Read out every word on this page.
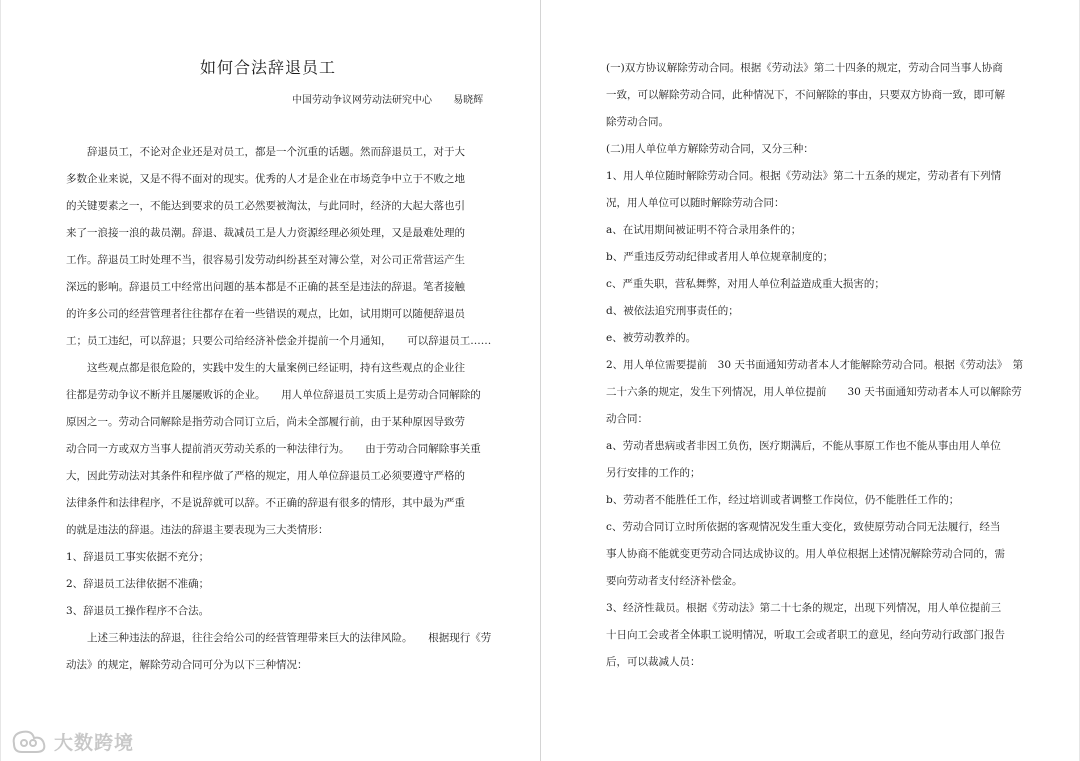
如何合法辞退员工
中国劳动争议网劳动法研究中心 易晓辉
辞退员工，不论对企业还是对员工，都是一个沉重的话题。然而辞退员工，对于大
多数企业来说，又是不得不面对的现实。优秀的人才是企业在市场竞争中立于不败之地
的关键要素之一，不能达到要求的员工必然要被淘汰，与此同时，经济的大起大落也引
来了一浪接一浪的裁员潮。辞退、裁减员工是人力资源经理必须处理，又是最难处理的
工作。辞退员工时处理不当，很容易引发劳动纠纷甚至对簿公堂，对公司正常营运产生
深远的影响。辞退员工中经常出问题的基本都是不正确的甚至是违法的辞退。笔者接触
的许多公司的经营管理者往往都存在着一些错误的观点，比如，试用期可以随便辞退员
工；员工违纪，可以辞退；只要公司给经济补偿金并提前一个月通知，　　可以辞退员工……
这些观点都是很危险的，实践中发生的大量案例已经证明，持有这些观点的企业往
往都是劳动争议不断并且屡屡败诉的企业。　　用人单位辞退员工实质上是劳动合同解除的
原因之一。劳动合同解除是指劳动合同订立后，尚未全部履行前，由于某种原因导致劳
动合同一方或双方当事人提前消灭劳动关系的一种法律行为。　　由于劳动合同解除事关重
大，因此劳动法对其条件和程序做了严格的规定，用人单位辞退员工必须要遵守严格的
法律条件和法律程序，不是说辞就可以辞。不正确的辞退有很多的情形，其中最为严重
的就是违法的辞退。违法的辞退主要表现为三大类情形：
1、辞退员工事实依据不充分；
2、辞退员工法律依据不准确；
3、辞退员工操作程序不合法。
上述三种违法的辞退，往往会给公司的经营管理带来巨大的法律风险。　　根据现行《劳
动法》的规定，解除劳动合同可分为以下三种情况：
(一)双方协议解除劳动合同。根据《劳动法》第二十四条的规定，劳动合同当事人协商
一致，可以解除劳动合同，此种情况下，不问解除的事由，只要双方协商一致，即可解
除劳动合同。
(二)用人单位单方解除劳动合同，又分三种：
1、用人单位随时解除劳动合同。根据《劳动法》第二十五条的规定，劳动者有下列情
况，用人单位可以随时解除劳动合同：
a、在试用期间被证明不符合录用条件的；
b、严重违反劳动纪律或者用人单位规章制度的；
c、严重失职，营私舞弊，对用人单位利益造成重大损害的；
d、被依法追究刑事责任的；
e、被劳动教养的。
2、用人单位需要提前　30 天书面通知劳动者本人才能解除劳动合同。根据《劳动法》　第
二十六条的规定，发生下列情况，用人单位提前　　30 天书面通知劳动者本人可以解除劳
动合同：
a、劳动者患病或者非因工负伤，医疗期满后，不能从事原工作也不能从事由用人单位
另行安排的工作的；
b、劳动者不能胜任工作，经过培训或者调整工作岗位，仍不能胜任工作的；
c、劳动合同订立时所依据的客观情况发生重大变化，致使原劳动合同无法履行，经当
事人协商不能就变更劳动合同达成协议的。用人单位根据上述情况解除劳动合同的，需
要向劳动者支付经济补偿金。
3、经济性裁员。根据《劳动法》第二十七条的规定，出现下列情况，用人单位提前三
十日向工会或者全体职工说明情况，听取工会或者职工的意见，经向劳动行政部门报告
后，可以裁减人员：
大数跨境
